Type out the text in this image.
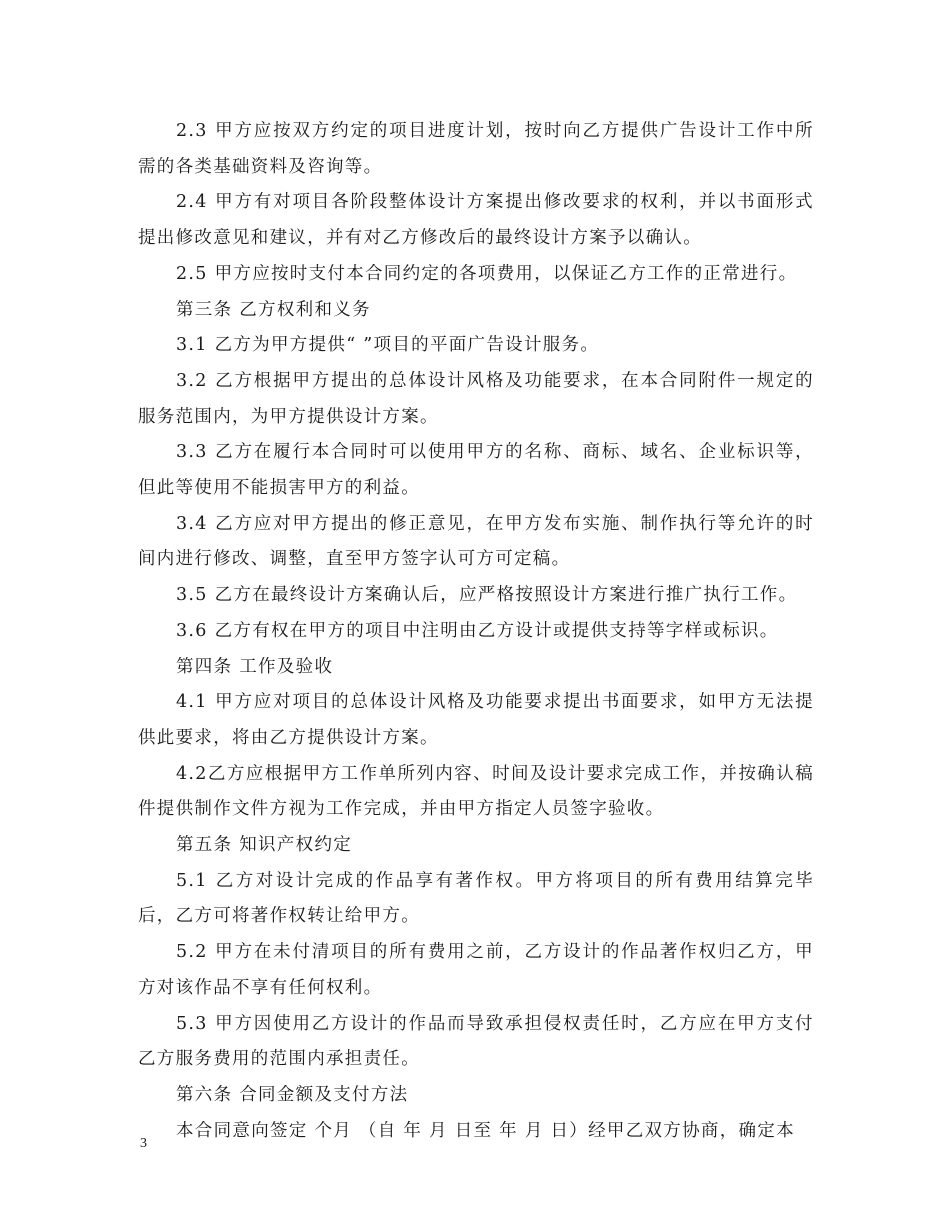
2.3 甲方应按双方约定的项目进度计划，按时向乙方提供广告设计工作中所需的各类基础资料及咨询等。

2.4 甲方有对项目各阶段整体设计方案提出修改要求的权利，并以书面形式提出修改意见和建议，并有对乙方修改后的最终设计方案予以确认。

2.5 甲方应按时支付本合同约定的各项费用，以保证乙方工作的正常进行。

第三条 乙方权利和义务

3.1 乙方为甲方提供“ ”项目的平面广告设计服务。

3.2 乙方根据甲方提出的总体设计风格及功能要求，在本合同附件一规定的服务范围内，为甲方提供设计方案。

3.3 乙方在履行本合同时可以使用甲方的名称、商标、域名、企业标识等，但此等使用不能损害甲方的利益。

3.4 乙方应对甲方提出的修正意见，在甲方发布实施、制作执行等允许的时间内进行修改、调整，直至甲方签字认可方可定稿。

3.5 乙方在最终设计方案确认后，应严格按照设计方案进行推广执行工作。

3.6 乙方有权在甲方的项目中注明由乙方设计或提供支持等字样或标识。

第四条 工作及验收

4.1 甲方应对项目的总体设计风格及功能要求提出书面要求，如甲方无法提供此要求，将由乙方提供设计方案。

4.2乙方应根据甲方工作单所列内容、时间及设计要求完成工作，并按确认稿件提供制作文件方视为工作完成，并由甲方指定人员签字验收。

第五条 知识产权约定

5.1 乙方对设计完成的作品享有著作权。甲方将项目的所有费用结算完毕后，乙方可将著作权转让给甲方。

5.2 甲方在未付清项目的所有费用之前，乙方设计的作品著作权归乙方，甲方对该作品不享有任何权利。

5.3 甲方因使用乙方设计的作品而导致承担侵权责任时，乙方应在甲方支付乙方服务费用的范围内承担责任。

第六条 合同金额及支付方法

本合同意向签定 个月 （自 年 月 日至 年 月 日）经甲乙双方协商，确定本

3
